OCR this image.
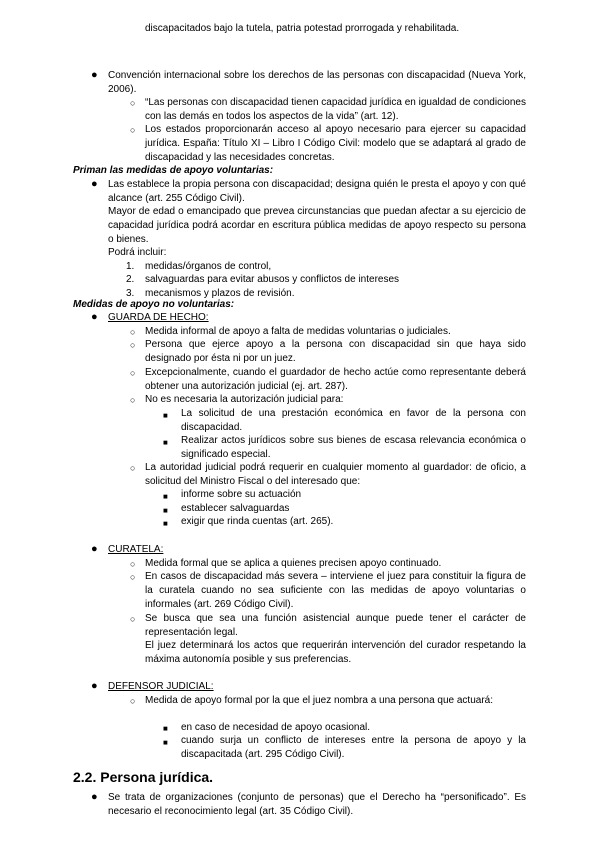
discapacitados bajo la tutela, patria potestad prorrogada y rehabilitada.
● Convención internacional sobre los derechos de las personas con discapacidad (Nueva York, 2006).
○ “Las personas con discapacidad tienen capacidad jurídica en igualdad de condiciones con las demás en todos los aspectos de la vida” (art. 12).
○ Los estados proporcionarán acceso al apoyo necesario para ejercer su capacidad jurídica. España: Título XI – Libro I Código Civil: modelo que se adaptará al grado de discapacidad y las necesidades concretas.
Priman las medidas de apoyo voluntarias:
● Las establece la propia persona con discapacidad; designa quién le presta el apoyo y con qué alcance (art. 255 Código Civil).
Mayor de edad o emancipado que prevea circunstancias que puedan afectar a su ejercicio de capacidad jurídica podrá acordar en escritura pública medidas de apoyo respecto su persona o bienes.
Podrá incluir:
1. medidas/órganos de control,
2. salvaguardas para evitar abusos y conflictos de intereses
3. mecanismos y plazos de revisión.
Medidas de apoyo no voluntarias:
● GUARDA DE HECHO:
○ Medida informal de apoyo a falta de medidas voluntarias o judiciales.
○ Persona que ejerce apoyo a la persona con discapacidad sin que haya sido designado por ésta ni por un juez.
○ Excepcionalmente, cuando el guardador de hecho actúe como representante deberá obtener una autorización judicial (ej. art. 287).
○ No es necesaria la autorización judicial para:
■ La solicitud de una prestación económica en favor de la persona con discapacidad.
■ Realizar actos jurídicos sobre sus bienes de escasa relevancia económica o significado especial.
○ La autoridad judicial podrá requerir en cualquier momento al guardador: de oficio, a solicitud del Ministro Fiscal o del interesado que:
■ informe sobre su actuación
■ establecer salvaguardas
■ exigir que rinda cuentas (art. 265).
● CURATELA:
○ Medida formal que se aplica a quienes precisen apoyo continuado.
○ En casos de discapacidad más severa – interviene el juez para constituir la figura de la curatela cuando no sea suficiente con las medidas de apoyo voluntarias o informales (art. 269 Código Civil).
○ Se busca que sea una función asistencial aunque puede tener el carácter de representación legal.
El juez determinará los actos que requerirán intervención del curador respetando la máxima autonomía posible y sus preferencias.
● DEFENSOR JUDICIAL:
○ Medida de apoyo formal por la que el juez nombra a una persona que actuará:
■ en caso de necesidad de apoyo ocasional.
■ cuando surja un conflicto de intereses entre la persona de apoyo y la discapacitada (art. 295 Código Civil).
2.2. Persona jurídica.
● Se trata de organizaciones (conjunto de personas) que el Derecho ha “personificado”. Es necesario el reconocimiento legal (art. 35 Código Civil).
